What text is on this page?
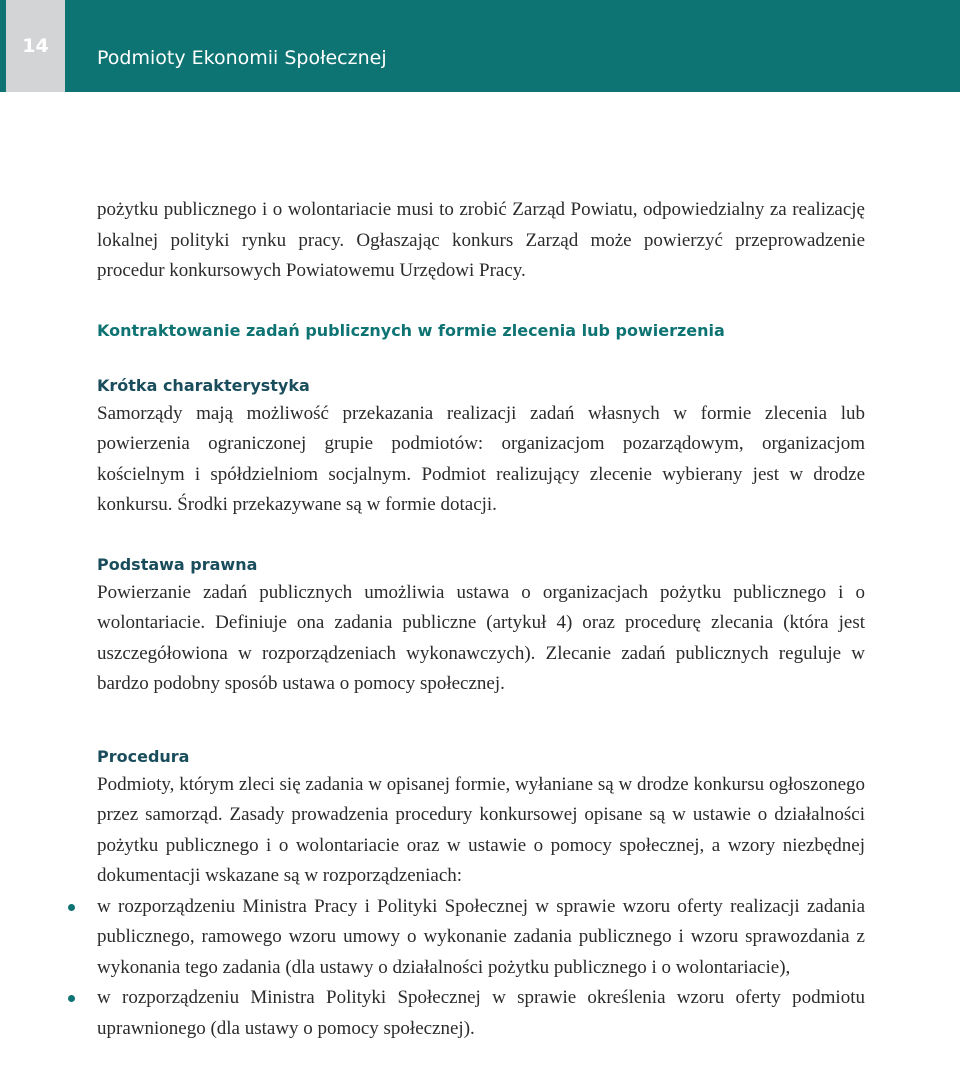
14
Podmioty Ekonomii Społecznej

pożytku publicznego i o wolontariacie musi to zrobić Zarząd Powiatu, odpowiedzialny za realizację lokalnej polityki rynku pracy. Ogłaszając konkurs Zarząd może powierzyć przeprowadzenie procedur konkursowych Powiatowemu Urzędowi Pracy.

Kontraktowanie zadań publicznych w formie zlecenia lub powierzenia
Krótka charakterystyka

Samorządy mają możliwość przekazania realizacji zadań własnych w formie zlecenia lub powierzenia ograniczonej grupie podmiotów: organizacjom pozarządowym, organizacjom kościelnym i spółdzielniom socjalnym. Podmiot realizujący zlecenie wybierany jest w drodze konkursu. Środki przekazywane są w formie dotacji.

Podstawa prawna

Powierzanie zadań publicznych umożliwia ustawa o organizacjach pożytku publicznego i o wolontariacie. Definiuje ona zadania publiczne (artykuł 4) oraz procedurę zlecania (która jest uszczegółowiona w rozporządzeniach wykonawczych). Zlecanie zadań publicznych reguluje w bardzo podobny sposób ustawa o pomocy społecznej.

Procedura

Podmioty, którym zleci się zadania w opisanej formie, wyłaniane są w drodze konkursu ogłoszonego przez samorząd. Zasady prowadzenia procedury konkursowej opisane są w ustawie o działalności pożytku publicznego i o wolontariacie oraz w ustawie o pomocy społecznej, a wzory niezbędnej dokumentacji wskazane są w rozporządzeniach:

w rozporządzeniu Ministra Pracy i Polityki Społecznej w sprawie wzoru oferty realizacji zadania publicznego, ramowego wzoru umowy o wykonanie zadania publicznego i wzoru sprawozdania z wykonania tego zadania (dla ustawy o działalności pożytku publicznego i o wolontariacie),
w rozporządzeniu Ministra Polityki Społecznej w sprawie określenia wzoru oferty podmiotu uprawnionego (dla ustawy o pomocy społecznej).
